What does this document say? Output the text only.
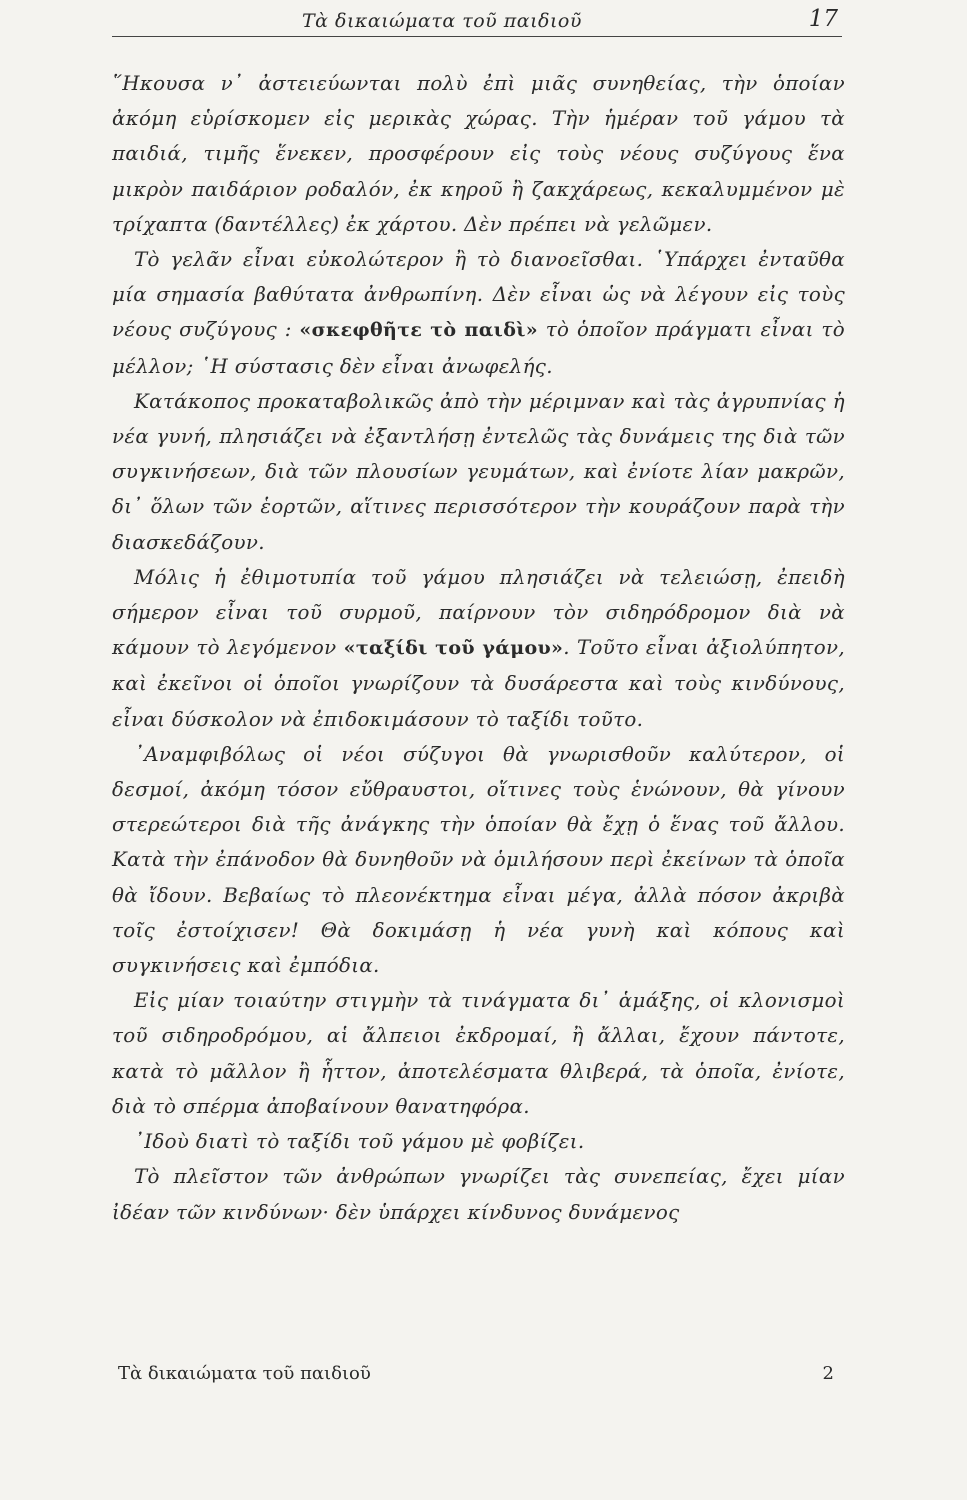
Τὰ δικαιώματα τοῦ παιδιοῦ	17

῞Ηκουσα ν᾽ ἀστειεύωνται πολὺ ἐπὶ μιᾶς συνηθείας, τὴν ὁποίαν ἀκόμη εὑρίσκομεν εἰς μερικὰς χώρας. Τὴν ἡμέραν τοῦ γάμου τὰ παιδιά, τιμῆς ἕνεκεν, προσφέρουν εἰς τοὺς νέους συζύγους ἕνα μικρὸν παιδάριον ροδαλόν, ἐκ κηροῦ ἢ ζακχάρεως, κεκαλυμμένον μὲ τρίχαπτα (δαντέλλες) ἐκ χάρτου. Δὲν πρέπει νὰ γελῶμεν.

Τὸ γελᾶν εἶναι εὐκολώτερον ἢ τὸ διανοεῖσθαι. ῾Υπάρχει ἐνταῦθα μία σημασία βαθύτατα ἀνθρωπίνη. Δὲν εἶναι ὡς νὰ λέγουν εἰς τοὺς νέους συζύγους : «σκεφθῆτε τὸ παιδὶ» τὸ ὁποῖον πράγματι εἶναι τὸ μέλλον; ῾Η σύστασις δὲν εἶναι ἀνωφελής.

Κατάκοπος προκαταβολικῶς ἀπὸ τὴν μέριμναν καὶ τὰς ἀγρυπνίας ἡ νέα γυνή, πλησιάζει νὰ ἐξαντλήσῃ ἐντελῶς τὰς δυνάμεις της διὰ τῶν συγκινήσεων, διὰ τῶν πλουσίων γευμάτων, καὶ ἐνίοτε λίαν μακρῶν, δι᾽ ὅλων τῶν ἑορτῶν, αἵτινες περισσότερον τὴν κουράζουν παρὰ τὴν διασκεδάζουν.

Μόλις ἡ ἐθιμοτυπία τοῦ γάμου πλησιάζει νὰ τελειώσῃ, ἐπειδὴ σήμερον εἶναι τοῦ συρμοῦ, παίρνουν τὸν σιδηρόδρομον διὰ νὰ κάμουν τὸ λεγόμενον «ταξίδι τοῦ γάμου». Τοῦτο εἶναι ἀξιολύπητον, καὶ ἐκεῖνοι οἱ ὁποῖοι γνωρίζουν τὰ δυσάρεστα καὶ τοὺς κινδύνους, εἶναι δύσκολον νὰ ἐπιδοκιμάσουν τὸ ταξίδι τοῦτο.

᾽Αναμφιβόλως οἱ νέοι σύζυγοι θὰ γνωρισθοῦν καλύτερον, οἱ δεσμοί, ἀκόμη τόσον εὔθραυστοι, οἵτινες τοὺς ἑνώνουν, θὰ γίνουν στερεώτεροι διὰ τῆς ἀνάγκης τὴν ὁποίαν θὰ ἔχῃ ὁ ἕνας τοῦ ἄλλου. Κατὰ τὴν ἐπάνοδον θὰ δυνηθοῦν νὰ ὁμιλήσουν περὶ ἐκείνων τὰ ὁποῖα θὰ ἴδουν. Βεβαίως τὸ πλεονέκτημα εἶναι μέγα, ἀλλὰ πόσον ἀκριβὰ τοῖς ἐστοίχισεν! Θὰ δοκιμάσῃ ἡ νέα γυνὴ καὶ κόπους καὶ συγκινήσεις καὶ ἐμπόδια.

Εἰς μίαν τοιαύτην στιγμὴν τὰ τινάγματα δι᾽ ἁμάξης, οἱ κλονισμοὶ τοῦ σιδηροδρόμου, αἱ ἄλπειοι ἐκδρομαί, ἢ ἄλλαι, ἔχουν πάντοτε, κατὰ τὸ μᾶλλον ἢ ἧττον, ἀποτελέσματα θλιβερά, τὰ ὁποῖα, ἐνίοτε, διὰ τὸ σπέρμα ἀποβαίνουν θανατηφόρα.

᾽Ιδοὺ διατὶ τὸ ταξίδι τοῦ γάμου μὲ φοβίζει.

Τὸ πλεῖστον τῶν ἀνθρώπων γνωρίζει τὰς συνεπείας, ἔχει μίαν ἰδέαν τῶν κινδύνων· δὲν ὑπάρχει κίνδυνος δυνάμενος

Τὰ δικαιώματα τοῦ παιδιοῦ	2
